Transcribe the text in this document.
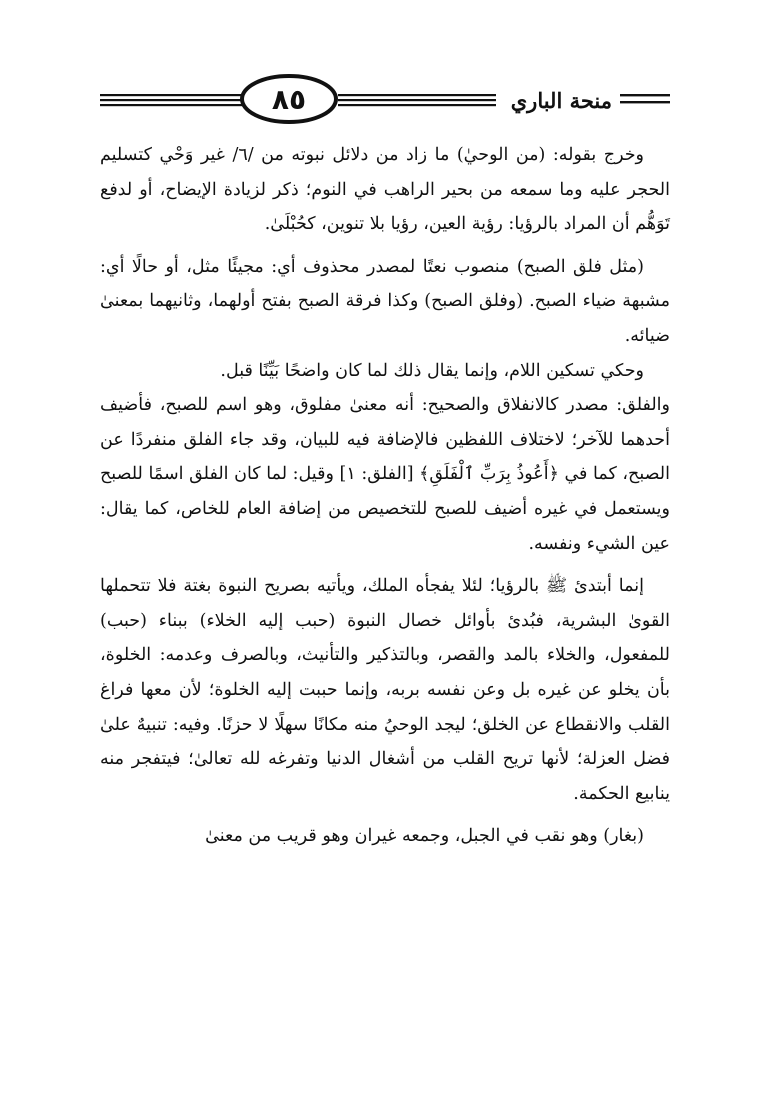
٨٥	منحة الباري

وخرج بقوله: (من الوحيٰ) ما زاد من دلائل نبوته من /٦/ غير وَحْي كتسليم الحجر عليه وما سمعه من بحير الراهب في النوم؛ ذكر لزيادة الإيضاح، أو لدفع تَوَهُّم أن المراد بالرؤيا: رؤية العين، رؤيا بلا تنوين، كحُبْلَىٰ.

(مثل فلق الصبح) منصوب نعتًا لمصدر محذوف أي: مجيئًا مثل، أو حالًا أي: مشبهة ضياء الصبح. (وفلق الصبح) وكذا فرقة الصبح بفتح أولهما، وثانيهما بمعنىٰ ضيائه.

وحكي تسكين اللام، وإنما يقال ذلك لما كان واضحًا بَيِّنًا قبل.

والفلق: مصدر كالانفلاق والصحيح: أنه معنىٰ مفلوق، وهو اسم للصبح، فأضيف أحدهما للآخر؛ لاختلاف اللفظين فالإضافة فيه للبيان، وقد جاء الفلق منفردًا عن الصبح، كما في ﴿أَعُوذُ بِرَبِّ ٱلْفَلَقِ﴾ [الفلق: ١] وقيل: لما كان الفلق اسمًا للصبح ويستعمل في غيره أضيف للصبح للتخصيص من إضافة العام للخاص، كما يقال: عين الشيء ونفسه.

إنما أبتدئ ﷺ بالرؤيا؛ لئلا يفجأه الملك، ويأتيه بصريح النبوة بغتة فلا تتحملها القوىٰ البشرية، فبُدئ بأوائل خصال النبوة (حبب إليه الخلاء) ببناء (حبب) للمفعول، والخلاء بالمد والقصر، وبالتذكير والتأنيث، وبالصرف وعدمه: الخلوة، بأن يخلو عن غيره بل وعن نفسه بربه، وإنما حببت إليه الخلوة؛ لأن معها فراغ القلب والانقطاع عن الخلق؛ ليجد الوحيُ منه مكانًا سهلًا لا حزنًا. وفيه: تنبيهٌ علىٰ فضل العزلة؛ لأنها تريح القلب من أشغال الدنيا وتفرغه لله تعالىٰ؛ فيتفجر منه ينابيع الحكمة.

(بغار) وهو نقب في الجبل، وجمعه غيران وهو قريب من معنىٰ
